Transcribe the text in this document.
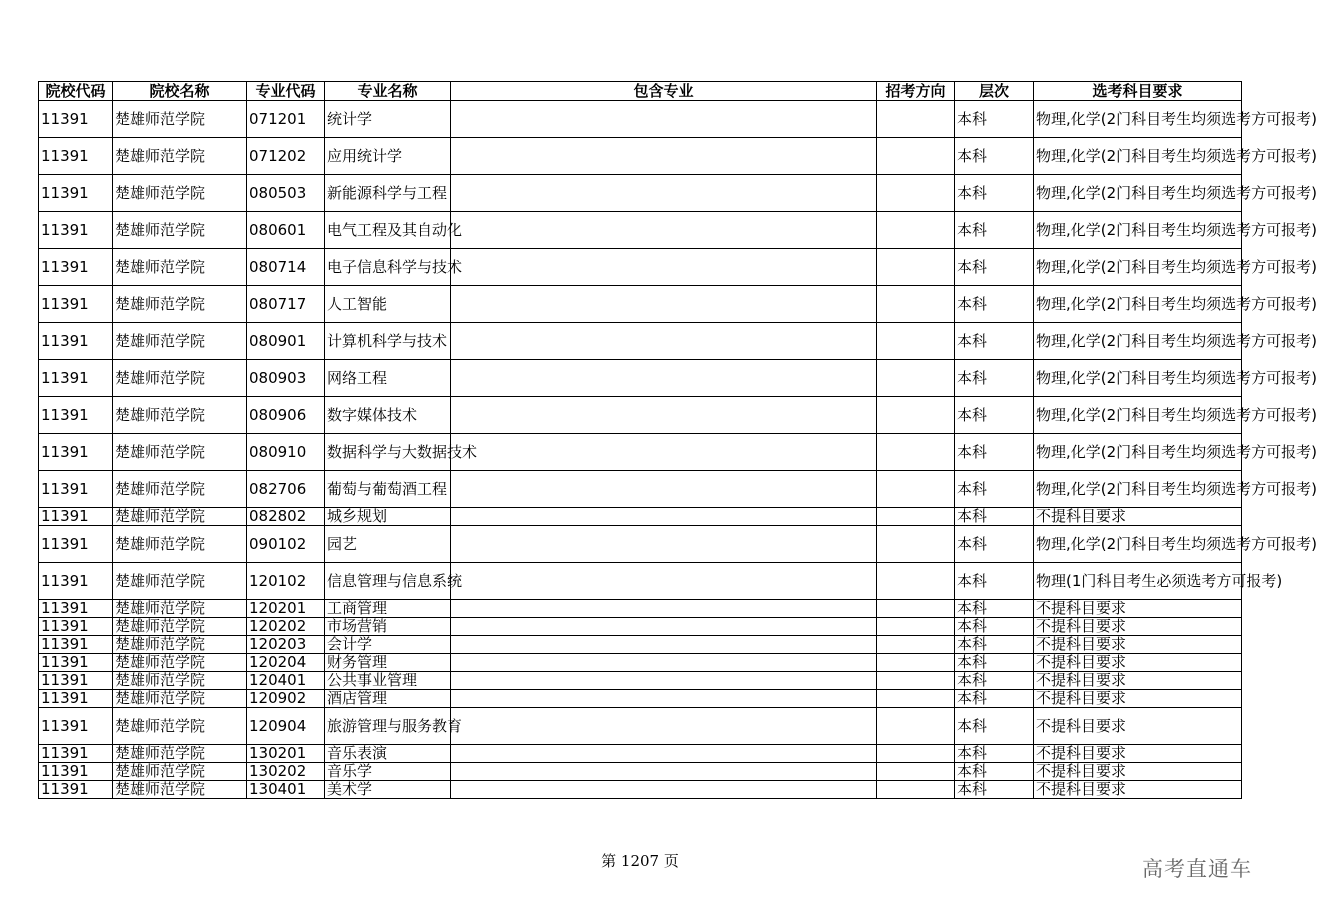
院校代码	院校名称	专业代码	专业名称	包含专业	招考方向	层次	选考科目要求
11391	楚雄师范学院	071201	统计学			本科	物理,化学(2门科目考生均须选考方可报考)
11391	楚雄师范学院	071202	应用统计学			本科	物理,化学(2门科目考生均须选考方可报考)
11391	楚雄师范学院	080503	新能源科学与工程			本科	物理,化学(2门科目考生均须选考方可报考)
11391	楚雄师范学院	080601	电气工程及其自动化			本科	物理,化学(2门科目考生均须选考方可报考)
11391	楚雄师范学院	080714	电子信息科学与技术			本科	物理,化学(2门科目考生均须选考方可报考)
11391	楚雄师范学院	080717	人工智能			本科	物理,化学(2门科目考生均须选考方可报考)
11391	楚雄师范学院	080901	计算机科学与技术			本科	物理,化学(2门科目考生均须选考方可报考)
11391	楚雄师范学院	080903	网络工程			本科	物理,化学(2门科目考生均须选考方可报考)
11391	楚雄师范学院	080906	数字媒体技术			本科	物理,化学(2门科目考生均须选考方可报考)
11391	楚雄师范学院	080910	数据科学与大数据技术			本科	物理,化学(2门科目考生均须选考方可报考)
11391	楚雄师范学院	082706	葡萄与葡萄酒工程			本科	物理,化学(2门科目考生均须选考方可报考)
11391	楚雄师范学院	082802	城乡规划			本科	不提科目要求
11391	楚雄师范学院	090102	园艺			本科	物理,化学(2门科目考生均须选考方可报考)
11391	楚雄师范学院	120102	信息管理与信息系统			本科	物理(1门科目考生必须选考方可报考)
11391	楚雄师范学院	120201	工商管理			本科	不提科目要求
11391	楚雄师范学院	120202	市场营销			本科	不提科目要求
11391	楚雄师范学院	120203	会计学			本科	不提科目要求
11391	楚雄师范学院	120204	财务管理			本科	不提科目要求
11391	楚雄师范学院	120401	公共事业管理			本科	不提科目要求
11391	楚雄师范学院	120902	酒店管理			本科	不提科目要求
11391	楚雄师范学院	120904	旅游管理与服务教育			本科	不提科目要求
11391	楚雄师范学院	130201	音乐表演			本科	不提科目要求
11391	楚雄师范学院	130202	音乐学			本科	不提科目要求
11391	楚雄师范学院	130401	美术学			本科	不提科目要求
第 1207 页	高考直通车
